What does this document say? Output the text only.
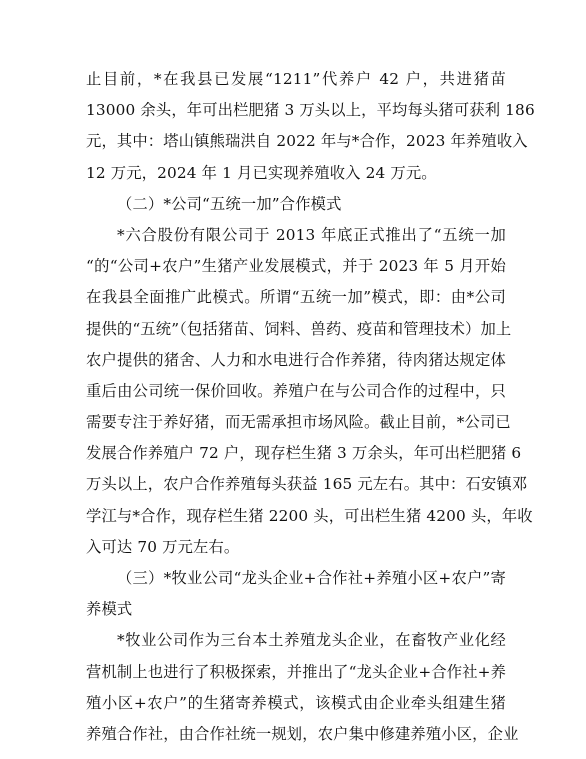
止目前，*在我县已发展“1211”代养户 42 户，共进猪苗
13000 余头，年可出栏肥猪 3 万头以上，平均每头猪可获利 186
元，其中：塔山镇熊瑞洪自 2022 年与*合作，2023 年养殖收入
12 万元，2024 年 1 月已实现养殖收入 24 万元。
（二）*公司“五统一加”合作模式
*六合股份有限公司于 2013 年底正式推出了“五统一加
“的“公司+农户”生猪产业发展模式，并于 2023 年 5 月开始
在我县全面推广此模式。所谓“五统一加”模式，即：由*公司
提供的“五统”（包括猪苗、饲料、兽药、疫苗和管理技术）加上
农户提供的猪舍、人力和水电进行合作养猪，待肉猪达规定体
重后由公司统一保价回收。养殖户在与公司合作的过程中，只
需要专注于养好猪，而无需承担市场风险。截止目前，*公司已
发展合作养殖户 72 户，现存栏生猪 3 万余头，年可出栏肥猪 6
万头以上，农户合作养殖每头获益 165 元左右。其中：石安镇邓
学江与*合作，现存栏生猪 2200 头，可出栏生猪 4200 头，年收
入可达 70 万元左右。
（三）*牧业公司“龙头企业+合作社+养殖小区+农户”寄
养模式
*牧业公司作为三台本土养殖龙头企业，在畜牧产业化经
营机制上也进行了积极探索，并推出了“龙头企业+合作社+养
殖小区+农户”的生猪寄养模式，该模式由企业牵头组建生猪
养殖合作社，由合作社统一规划，农户集中修建养殖小区，企业
